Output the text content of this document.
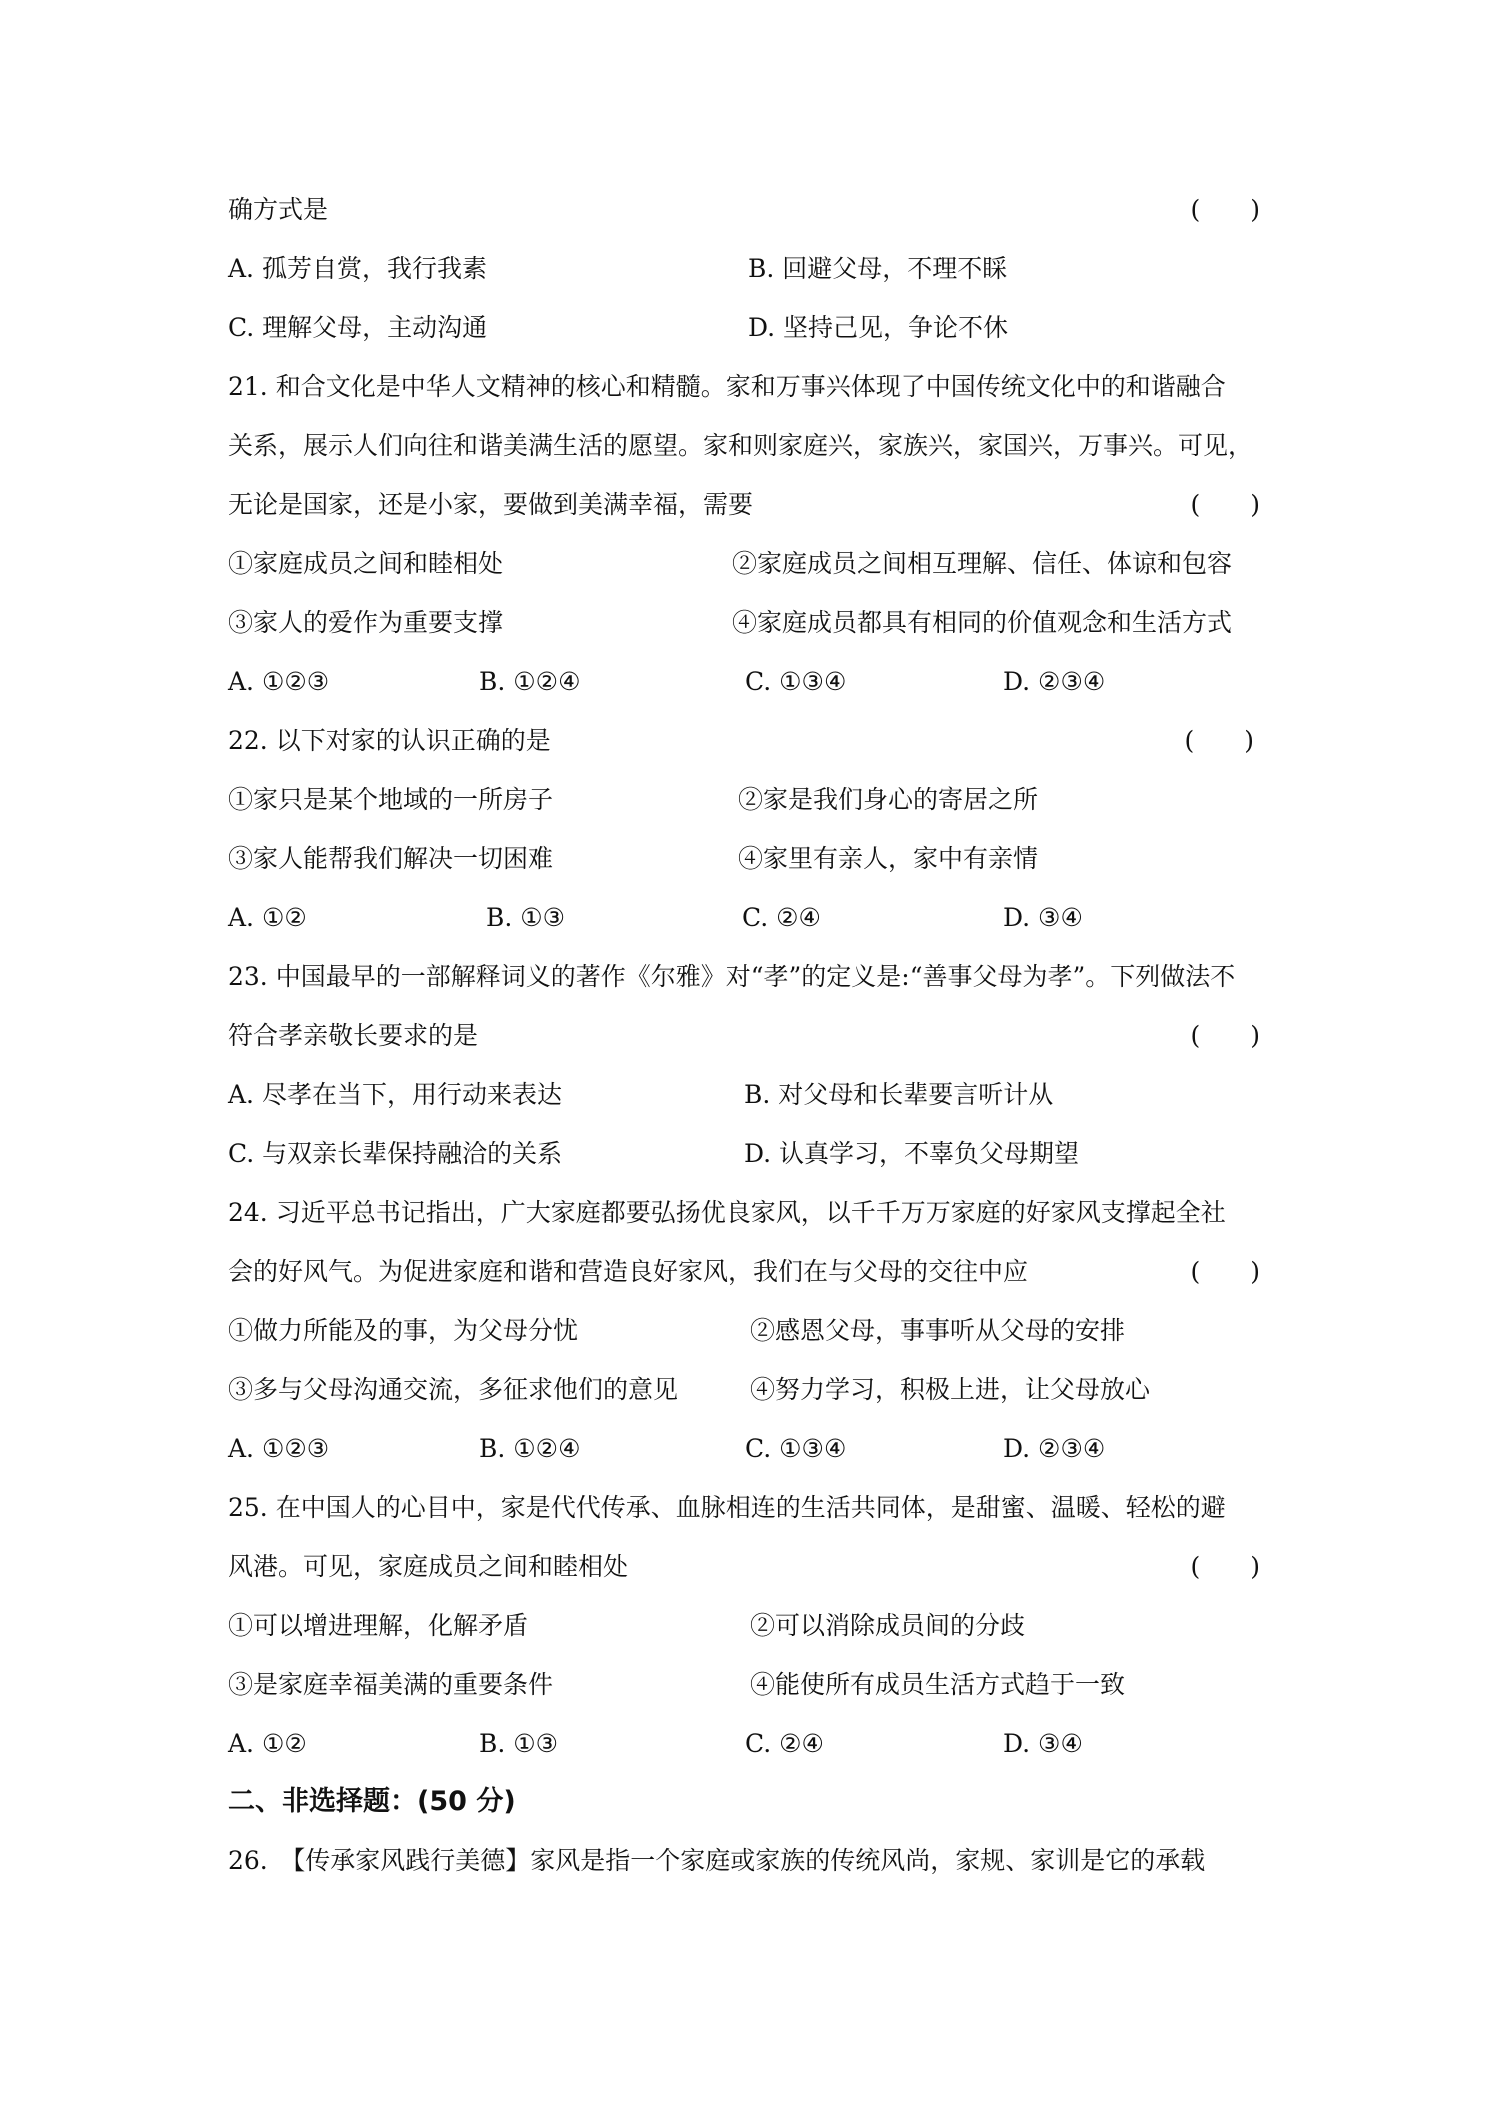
确方式是	(　　)
A. 孤芳自赏，我行我素	B. 回避父母，不理不睬
C. 理解父母，主动沟通	D. 坚持己见，争论不休
21. 和合文化是中华人文精神的核心和精髓。家和万事兴体现了中国传统文化中的和谐融合
关系，展示人们向往和谐美满生活的愿望。家和则家庭兴，家族兴，家国兴，万事兴。可见，
无论是国家，还是小家，要做到美满幸福，需要	(　　)
①家庭成员之间和睦相处	②家庭成员之间相互理解、信任、体谅和包容
③家人的爱作为重要支撑	④家庭成员都具有相同的价值观念和生活方式
A. ①②③	B. ①②④	C. ①③④	D. ②③④
22. 以下对家的认识正确的是	(　　)
①家只是某个地域的一所房子	②家是我们身心的寄居之所
③家人能帮我们解决一切困难	④家里有亲人，家中有亲情
A. ①②	B. ①③	C. ②④	D. ③④
23. 中国最早的一部解释词义的著作《尔雅》对“孝”的定义是:“善事父母为孝”。下列做法不
符合孝亲敬长要求的是	(　　)
A. 尽孝在当下，用行动来表达	B. 对父母和长辈要言听计从
C. 与双亲长辈保持融洽的关系	D. 认真学习，不辜负父母期望
24. 习近平总书记指出，广大家庭都要弘扬优良家风，以千千万万家庭的好家风支撑起全社
会的好风气。为促进家庭和谐和营造良好家风，我们在与父母的交往中应	(　　)
①做力所能及的事，为父母分忧	②感恩父母，事事听从父母的安排
③多与父母沟通交流，多征求他们的意见	④努力学习，积极上进，让父母放心
A. ①②③	B. ①②④	C. ①③④	D. ②③④
25. 在中国人的心目中，家是代代传承、血脉相连的生活共同体，是甜蜜、温暖、轻松的避
风港。可见，家庭成员之间和睦相处	(　　)
①可以增进理解，化解矛盾	②可以消除成员间的分歧
③是家庭幸福美满的重要条件	④能使所有成员生活方式趋于一致
A. ①②	B. ①③	C. ②④	D. ③④
二、非选择题：(50 分)
26.　【传承家风践行美德】家风是指一个家庭或家族的传统风尚，家规、家训是它的承载
